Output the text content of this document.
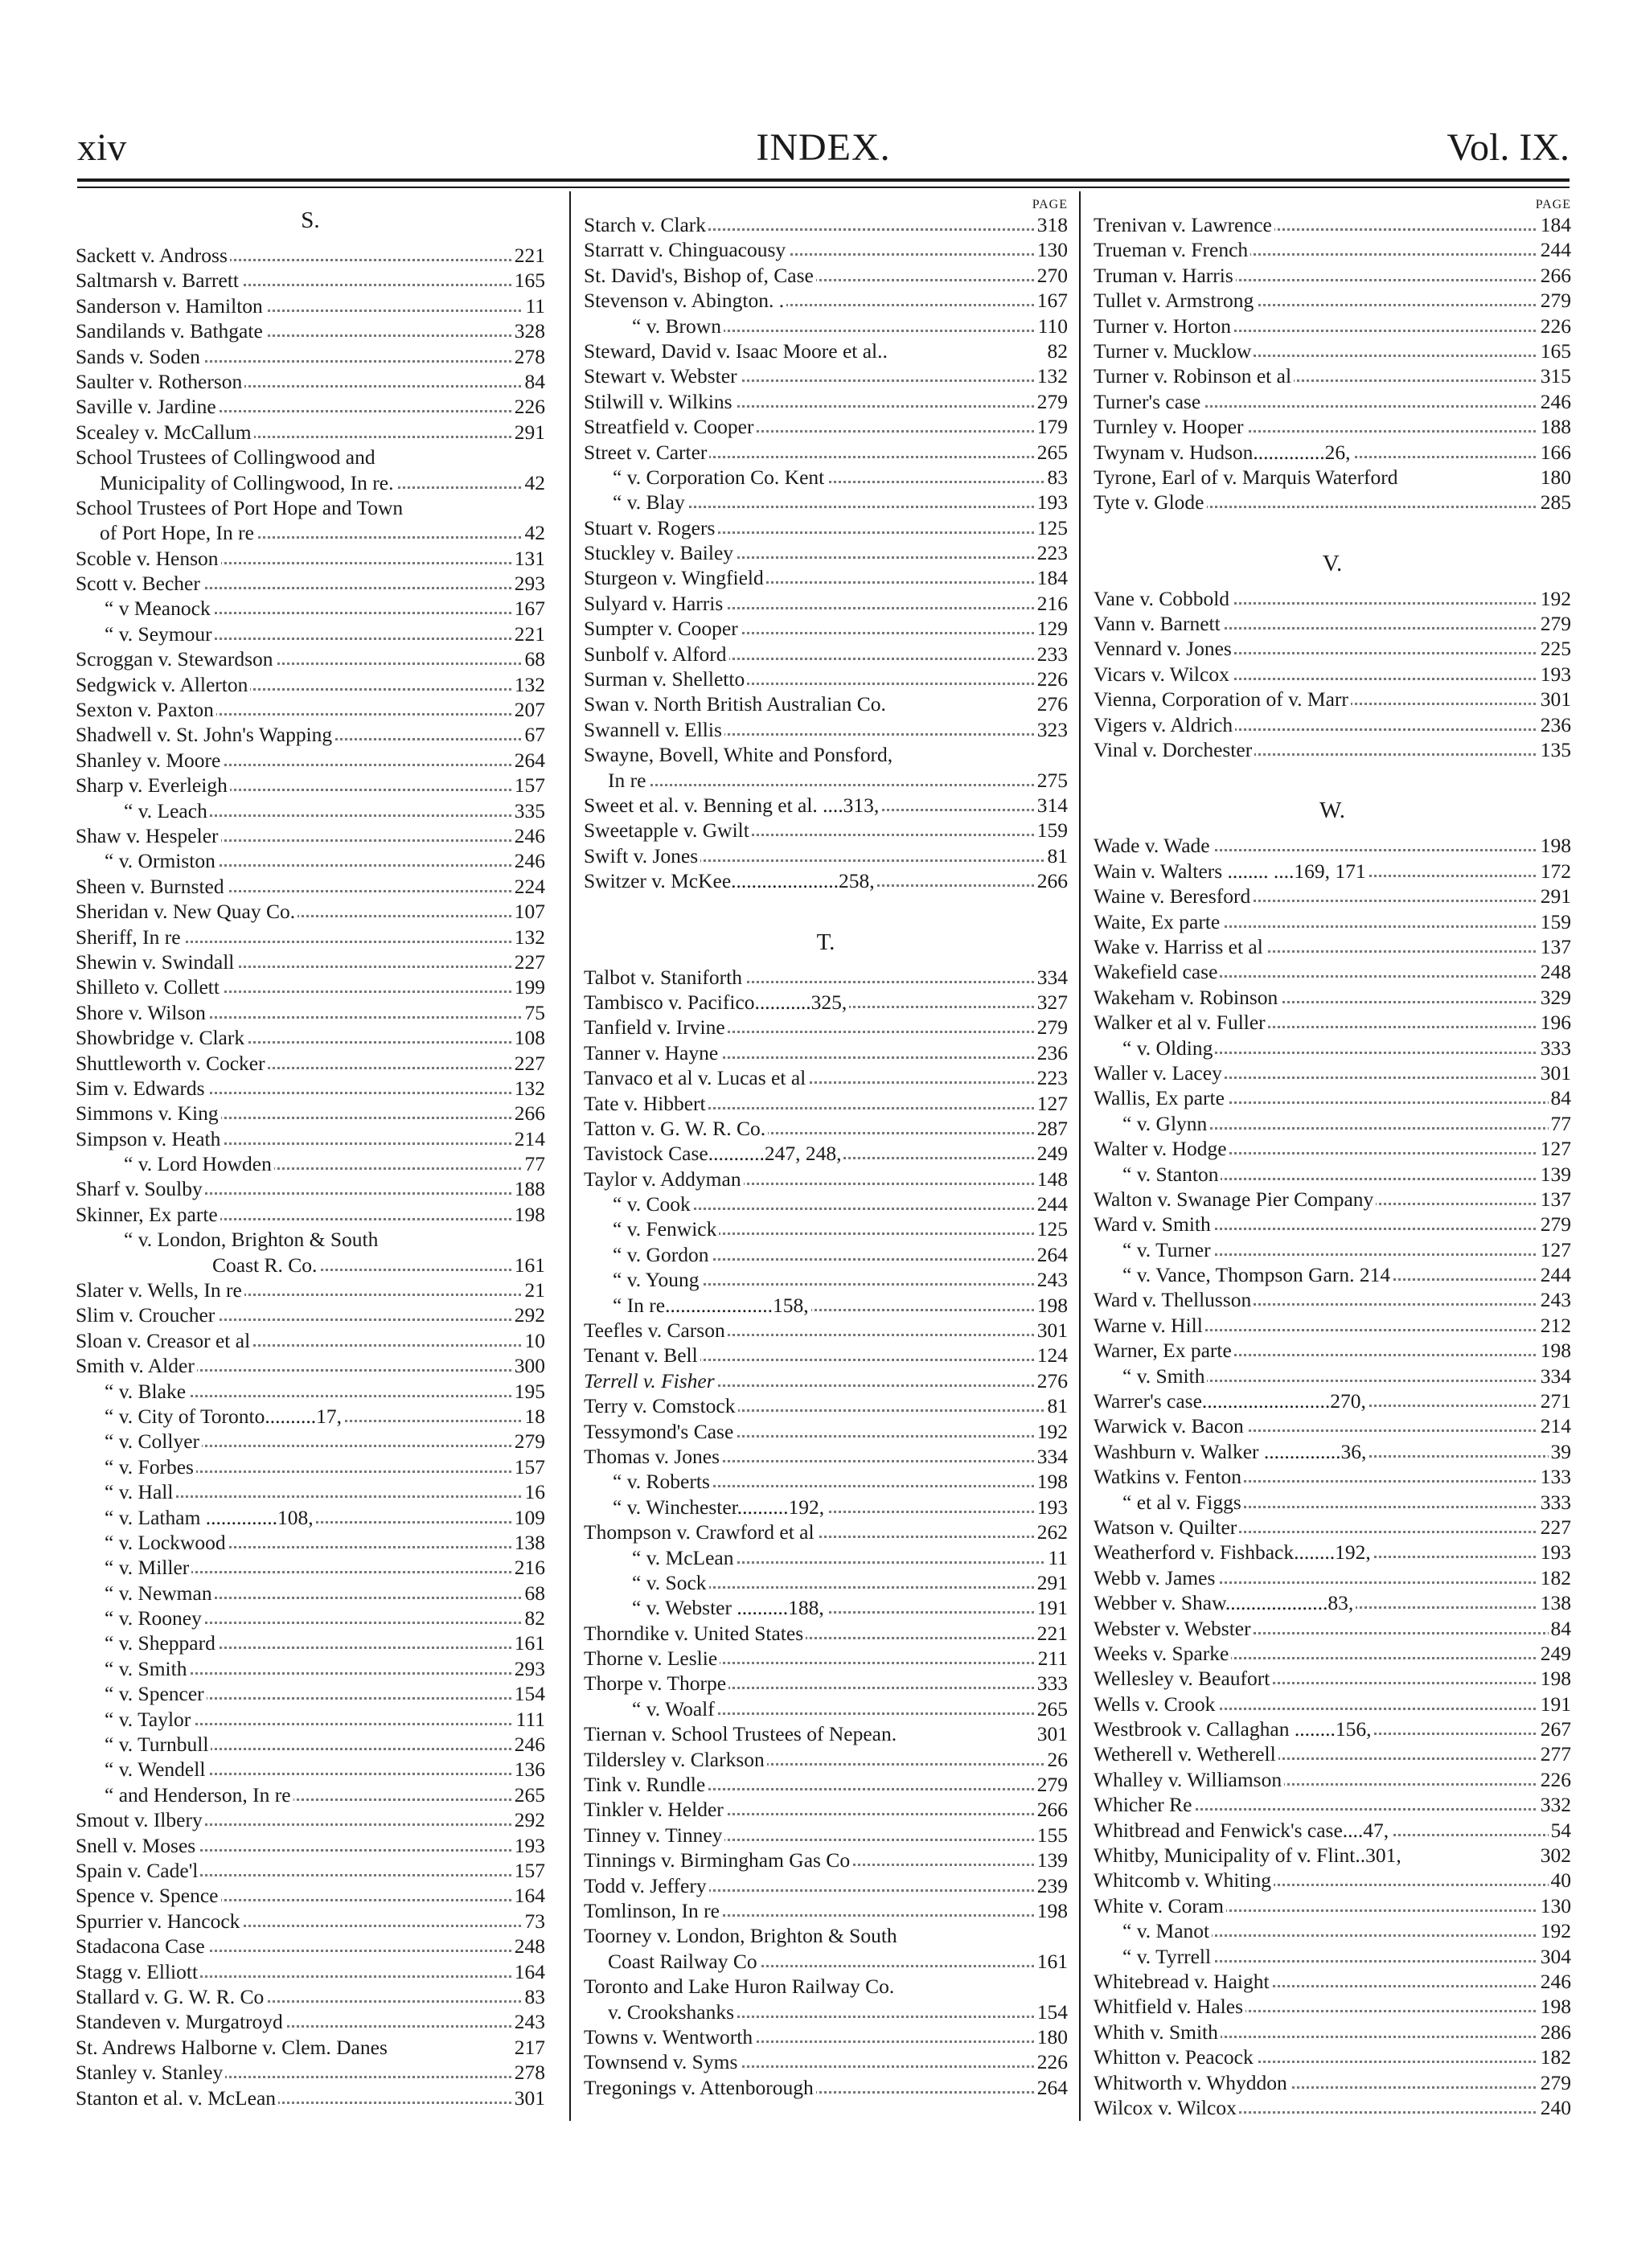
xiv	INDEX.	Vol. IX.
S.
Sackett v. Andross	221
Saltmarsh v. Barrett	165
Sanderson v. Hamilton	11
Sandilands v. Bathgate	328
Sands v. Soden	278
Saulter v. Rotherson	84
Saville v. Jardine	226
Scealey v. McCallum	291
School Trustees of Collingwood and
Municipality of Collingwood, In re.	42
School Trustees of Port Hope and Town
of Port Hope, In re	42
Scoble v. Henson	131
Scott v. Becher	293
“ v Meanock	167
“ v. Seymour	221
Scroggan v. Stewardson	68
Sedgwick v. Allerton	132
Sexton v. Paxton	207
Shadwell v. St. John's Wapping	67
Shanley v. Moore	264
Sharp v. Everleigh	157
“ v. Leach	335
Shaw v. Hespeler	246
“ v. Ormiston	246
Sheen v. Burnsted	224
Sheridan v. New Quay Co.	107
Sheriff, In re	132
Shewin v. Swindall	227
Shilleto v. Collett	199
Shore v. Wilson	75
Showbridge v. Clark	108
Shuttleworth v. Cocker	227
Sim v. Edwards	132
Simmons v. King	266
Simpson v. Heath	214
“ v. Lord Howden	77
Sharf v. Soulby	188
Skinner, Ex parte	198
“ v. London, Brighton & South
Coast R. Co.	161
Slater v. Wells, In re	21
Slim v. Croucher	292
Sloan v. Creasor et al	10
Smith v. Alder	300
“ v. Blake	195
“ v. City of Toronto..........17,	18
“ v. Collyer	279
“ v. Forbes	157
“ v. Hall	16
“ v. Latham ..............108,	109
“ v. Lockwood	138
“ v. Miller	216
“ v. Newman	68
“ v. Rooney	82
“ v. Sheppard	161
“ v. Smith	293
“ v. Spencer	154
“ v. Taylor	111
“ v. Turnbull	246
“ v. Wendell	136
“ and Henderson, In re	265
Smout v. Ilbery	292
Snell v. Moses	193
Spain v. Cade'l	157
Spence v. Spence	164
Spurrier v. Hancock	73
Stadacona Case	248
Stagg v. Elliott	164
Stallard v. G. W. R. Co	83
Standeven v. Murgatroyd	243
St. Andrews Halborne v. Clem. Danes	217
Stanley v. Stanley	278
Stanton et al. v. McLean	301
PAGE
Starch v. Clark	318
Starratt v. Chinguacousy	130
St. David's, Bishop of, Case	270
Stevenson v. Abington. .	167
“ v. Brown	110
Steward, David v. Isaac Moore et al..	82
Stewart v. Webster	132
Stilwill v. Wilkins	279
Streatfield v. Cooper	179
Street v. Carter	265
“ v. Corporation Co. Kent	83
“ v. Blay	193
Stuart v. Rogers	125
Stuckley v. Bailey	223
Sturgeon v. Wingfield	184
Sulyard v. Harris	216
Sumpter v. Cooper	129
Sunbolf v. Alford	233
Surman v. Shelletto	226
Swan v. North British Australian Co.	276
Swannell v. Ellis	323
Swayne, Bovell, White and Ponsford,
In re	275
Sweet et al. v. Benning et al. ....313,	314
Sweetapple v. Gwilt	159
Swift v. Jones	81
Switzer v. McKee.....................258,	266
T.
Talbot v. Staniforth	334
Tambisco v. Pacifico...........325,	327
Tanfield v. Irvine	279
Tanner v. Hayne	236
Tanvaco et al v. Lucas et al	223
Tate v. Hibbert	127
Tatton v. G. W. R. Co.	287
Tavistock Case...........247, 248,	249
Taylor v. Addyman	148
“ v. Cook	244
“ v. Fenwick	125
“ v. Gordon	264
“ v. Young	243
“ In re.....................158,	198
Teefles v. Carson	301
Tenant v. Bell	124
Terrell v. Fisher	276
Terry v. Comstock	81
Tessymond's Case	192
Thomas v. Jones	334
“ v. Roberts	198
“ v. Winchester..........192,	193
Thompson v. Crawford et al	262
“ v. McLean	11
“ v. Sock	291
“ v. Webster ..........188,	191
Thorndike v. United States	221
Thorne v. Leslie	211
Thorpe v. Thorpe	333
“ v. Woalf	265
Tiernan v. School Trustees of Nepean.	301
Tildersley v. Clarkson	26
Tink v. Rundle	279
Tinkler v. Helder	266
Tinney v. Tinney	155
Tinnings v. Birmingham Gas Co	139
Todd v. Jeffery	239
Tomlinson, In re	198
Toorney v. London, Brighton & South
Coast Railway Co	161
Toronto and Lake Huron Railway Co.
v. Crookshanks	154
Towns v. Wentworth	180
Townsend v. Syms	226
Tregonings v. Attenborough	264
PAGE
Trenivan v. Lawrence	184
Trueman v. French	244
Truman v. Harris	266
Tullet v. Armstrong	279
Turner v. Horton	226
Turner v. Mucklow	165
Turner v. Robinson et al	315
Turner's case	246
Turnley v. Hooper	188
Twynam v. Hudson..............26,	166
Tyrone, Earl of v. Marquis Waterford	180
Tyte v. Glode	285
V.
Vane v. Cobbold	192
Vann v. Barnett	279
Vennard v. Jones	225
Vicars v. Wilcox	193
Vienna, Corporation of v. Marr	301
Vigers v. Aldrich	236
Vinal v. Dorchester	135
W.
Wade v. Wade	198
Wain v. Walters ........ ....169, 171	172
Waine v. Beresford	291
Waite, Ex parte	159
Wake v. Harriss et al	137
Wakefield case	248
Wakeham v. Robinson	329
Walker et al v. Fuller	196
“ v. Olding	333
Waller v. Lacey	301
Wallis, Ex parte	84
“ v. Glynn	77
Walter v. Hodge	127
“ v. Stanton	139
Walton v. Swanage Pier Company	137
Ward v. Smith	279
“ v. Turner	127
“ v. Vance, Thompson Garn. 214	244
Ward v. Thellusson	243
Warne v. Hill	212
Warner, Ex parte	198
“ v. Smith	334
Warrer's case.........................270,	271
Warwick v. Bacon	214
Washburn v. Walker ...............36,	39
Watkins v. Fenton	133
“ et al v. Figgs	333
Watson v. Quilter	227
Weatherford v. Fishback........192,	193
Webb v. James	182
Webber v. Shaw....................83,	138
Webster v. Webster	84
Weeks v. Sparke	249
Wellesley v. Beaufort	198
Wells v. Crook	191
Westbrook v. Callaghan ........156,	267
Wetherell v. Wetherell	277
Whalley v. Williamson	226
Whicher Re	332
Whitbread and Fenwick's case....47,	54
Whitby, Municipality of v. Flint..301,	302
Whitcomb v. Whiting	40
White v. Coram	130
“ v. Manot	192
“ v. Tyrrell	304
Whitebread v. Haight	246
Whitfield v. Hales	198
Whith v. Smith	286
Whitton v. Peacock	182
Whitworth v. Whyddon	279
Wilcox v. Wilcox	240
